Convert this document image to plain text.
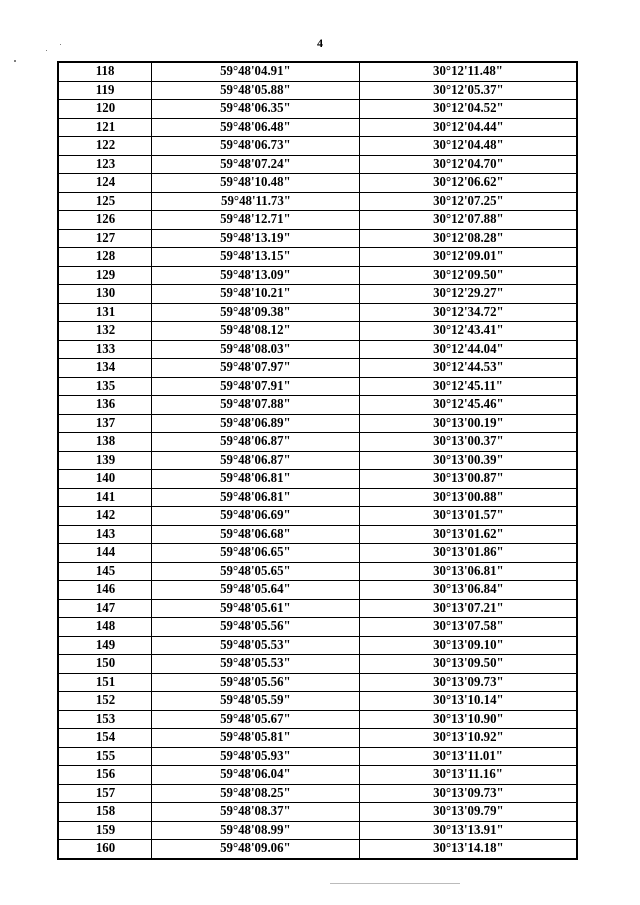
4
118	59°48'04.91"	30°12'11.48"
119	59°48'05.88"	30°12'05.37"
120	59°48'06.35"	30°12'04.52"
121	59°48'06.48"	30°12'04.44"
122	59°48'06.73"	30°12'04.48"
123	59°48'07.24"	30°12'04.70"
124	59°48'10.48"	30°12'06.62"
125	59°48'11.73"	30°12'07.25"
126	59°48'12.71"	30°12'07.88"
127	59°48'13.19"	30°12'08.28"
128	59°48'13.15"	30°12'09.01"
129	59°48'13.09"	30°12'09.50"
130	59°48'10.21"	30°12'29.27"
131	59°48'09.38"	30°12'34.72"
132	59°48'08.12"	30°12'43.41"
133	59°48'08.03"	30°12'44.04"
134	59°48'07.97"	30°12'44.53"
135	59°48'07.91"	30°12'45.11"
136	59°48'07.88"	30°12'45.46"
137	59°48'06.89"	30°13'00.19"
138	59°48'06.87"	30°13'00.37"
139	59°48'06.87"	30°13'00.39"
140	59°48'06.81"	30°13'00.87"
141	59°48'06.81"	30°13'00.88"
142	59°48'06.69"	30°13'01.57"
143	59°48'06.68"	30°13'01.62"
144	59°48'06.65"	30°13'01.86"
145	59°48'05.65"	30°13'06.81"
146	59°48'05.64"	30°13'06.84"
147	59°48'05.61"	30°13'07.21"
148	59°48'05.56"	30°13'07.58"
149	59°48'05.53"	30°13'09.10"
150	59°48'05.53"	30°13'09.50"
151	59°48'05.56"	30°13'09.73"
152	59°48'05.59"	30°13'10.14"
153	59°48'05.67"	30°13'10.90"
154	59°48'05.81"	30°13'10.92"
155	59°48'05.93"	30°13'11.01"
156	59°48'06.04"	30°13'11.16"
157	59°48'08.25"	30°13'09.73"
158	59°48'08.37"	30°13'09.79"
159	59°48'08.99"	30°13'13.91"
160	59°48'09.06"	30°13'14.18"
